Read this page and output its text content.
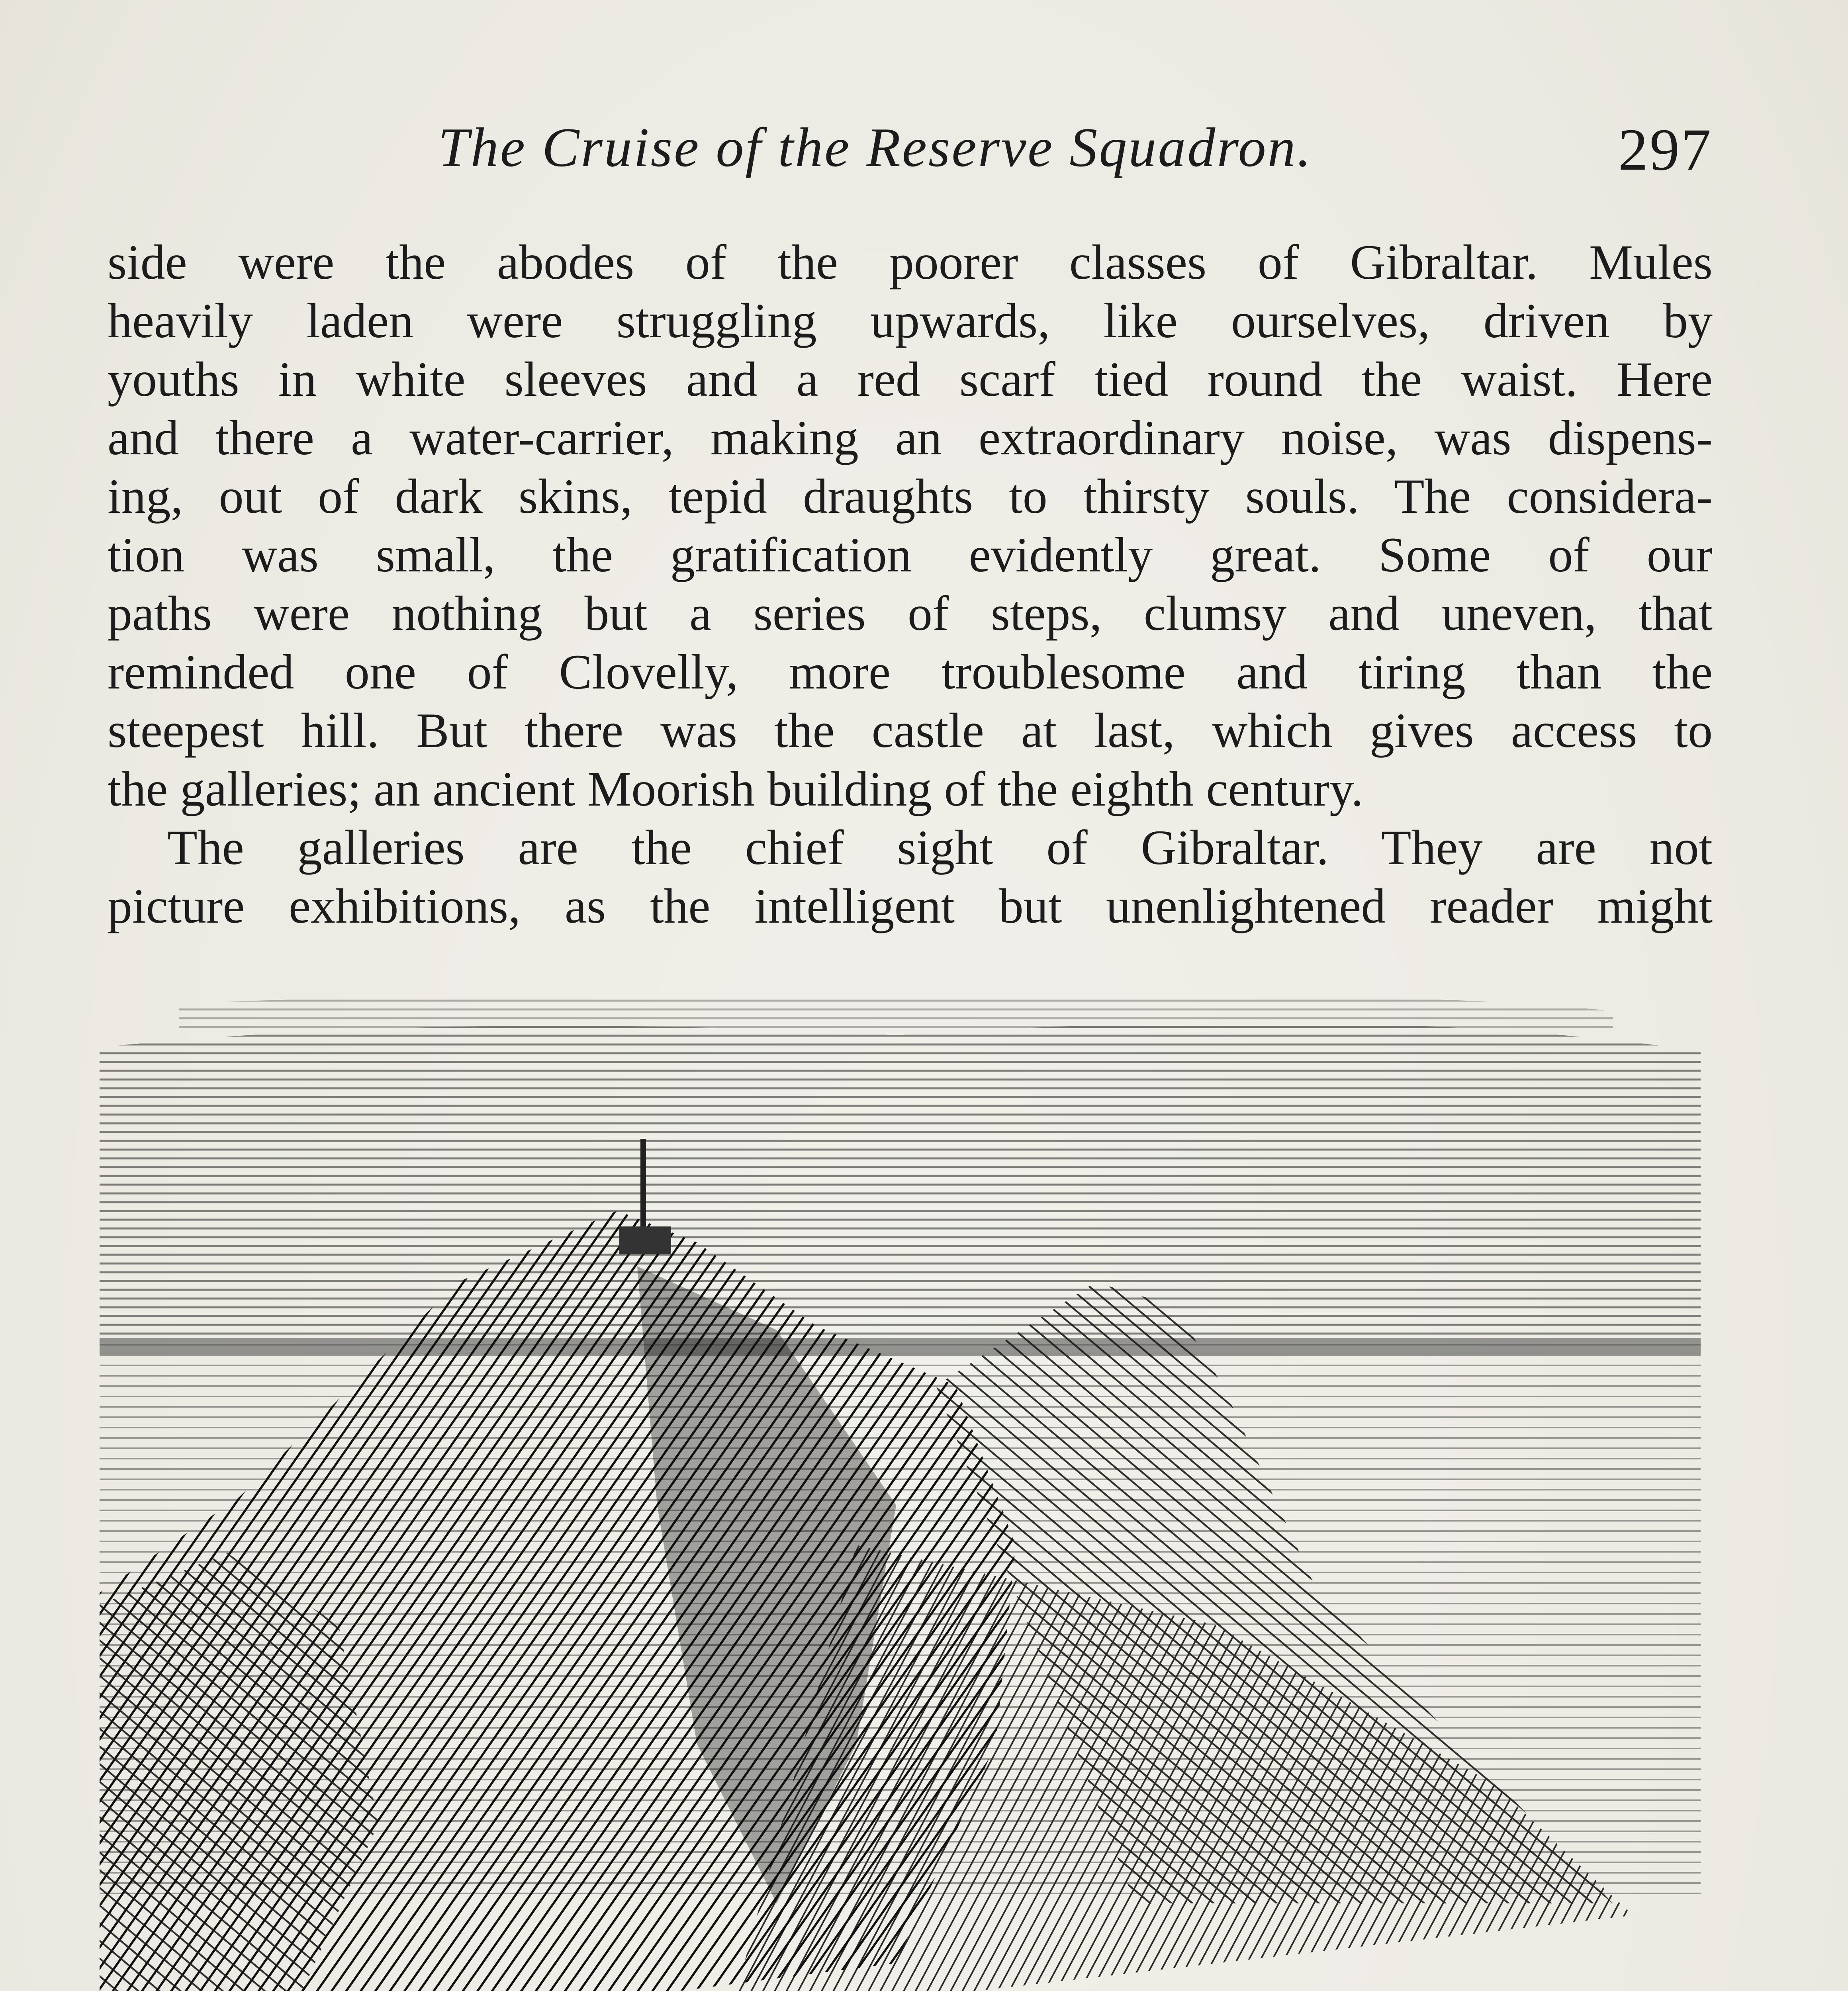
The Cruise of the Reserve Squadron.	297

side were the abodes of the poorer classes of Gibraltar. Mules

heavily laden were struggling upwards, like ourselves, driven by

youths in white sleeves and a red scarf tied round the waist. Here

and there a water-carrier, making an extraordinary noise, was dispens-

ing, out of dark skins, tepid draughts to thirsty souls. The considera-

tion was small, the gratification evidently great. Some of our

paths were nothing but a series of steps, clumsy and uneven, that

reminded one of Clovelly, more troublesome and tiring than the

steepest hill. But there was the castle at last, which gives access to

the galleries; an ancient Moorish building of the eighth century.

The galleries are the chief sight of Gibraltar. They are not

picture exhibitions, as the intelligent but unenlightened reader might
